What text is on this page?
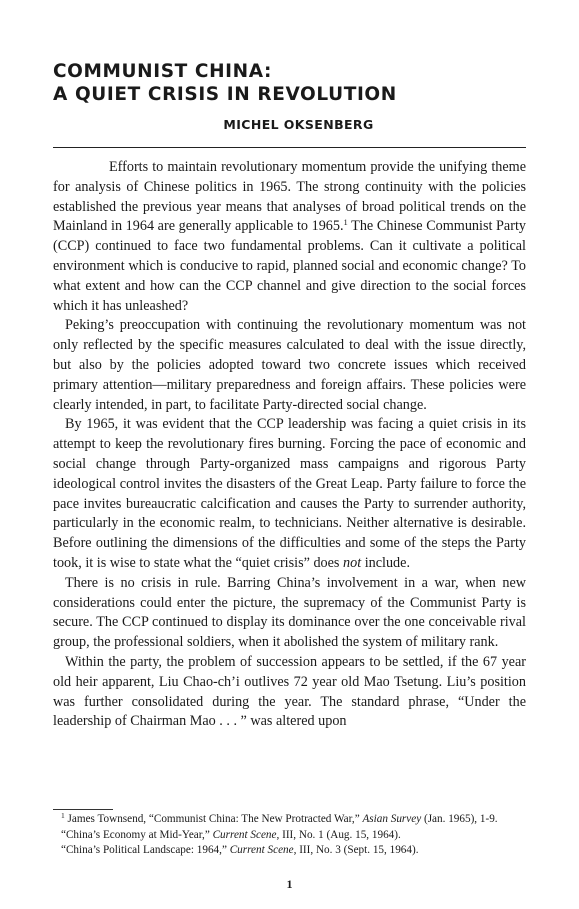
COMMUNIST CHINA:
A QUIET CRISIS IN REVOLUTION
MICHEL OKSENBERG

Efforts to maintain revolutionary momentum provide the unifying theme for analysis of Chinese politics in 1965. The strong continuity with the policies established the previous year means that analyses of broad political trends on the Mainland in 1964 are generally applicable to 1965.$^1$ The Chinese Communist Party (CCP) continued to face two fundamental problems. Can it cultivate a political environment which is conducive to rapid, planned social and economic change? To what extent and how can the CCP channel and give direction to the social forces which it has unleashed?

Peking’s preoccupation with continuing the revolutionary momentum was not only reflected by the specific measures calculated to deal with the issue directly, but also by the policies adopted toward two concrete issues which received primary attention—military preparedness and foreign affairs. These policies were clearly intended, in part, to facilitate Party-directed social change.

By 1965, it was evident that the CCP leadership was facing a quiet crisis in its attempt to keep the revolutionary fires burning. Forcing the pace of economic and social change through Party-organized mass campaigns and rigorous Party ideological control invites the disasters of the Great Leap. Party failure to force the pace invites bureaucratic calcification and causes the Party to surrender authority, particularly in the economic realm, to technicians. Neither alternative is desirable. Before outlining the dimensions of the difficulties and some of the steps the Party took, it is wise to state what the “quiet crisis” does not include.

There is no crisis in rule. Barring China’s involvement in a war, when new considerations could enter the picture, the supremacy of the Communist Party is secure. The CCP continued to display its dominance over the one conceivable rival group, the professional soldiers, when it abolished the system of military rank.

Within the party, the problem of succession appears to be settled, if the 67 year old heir apparent, Liu Chao-ch’i outlives 72 year old Mao Tsetung. Liu’s position was further consolidated during the year. The standard phrase, “Under the leadership of Chairman Mao . . . ” was altered upon

$^1$ James Townsend, “Communist China: The New Protracted War,” Asian Survey (Jan. 1965), 1-9.

“China’s Economy at Mid-Year,” Current Scene, III, No. 1 (Aug. 15, 1964).

“China’s Political Landscape: 1964,” Current Scene, III, No. 3 (Sept. 15, 1964).

1
